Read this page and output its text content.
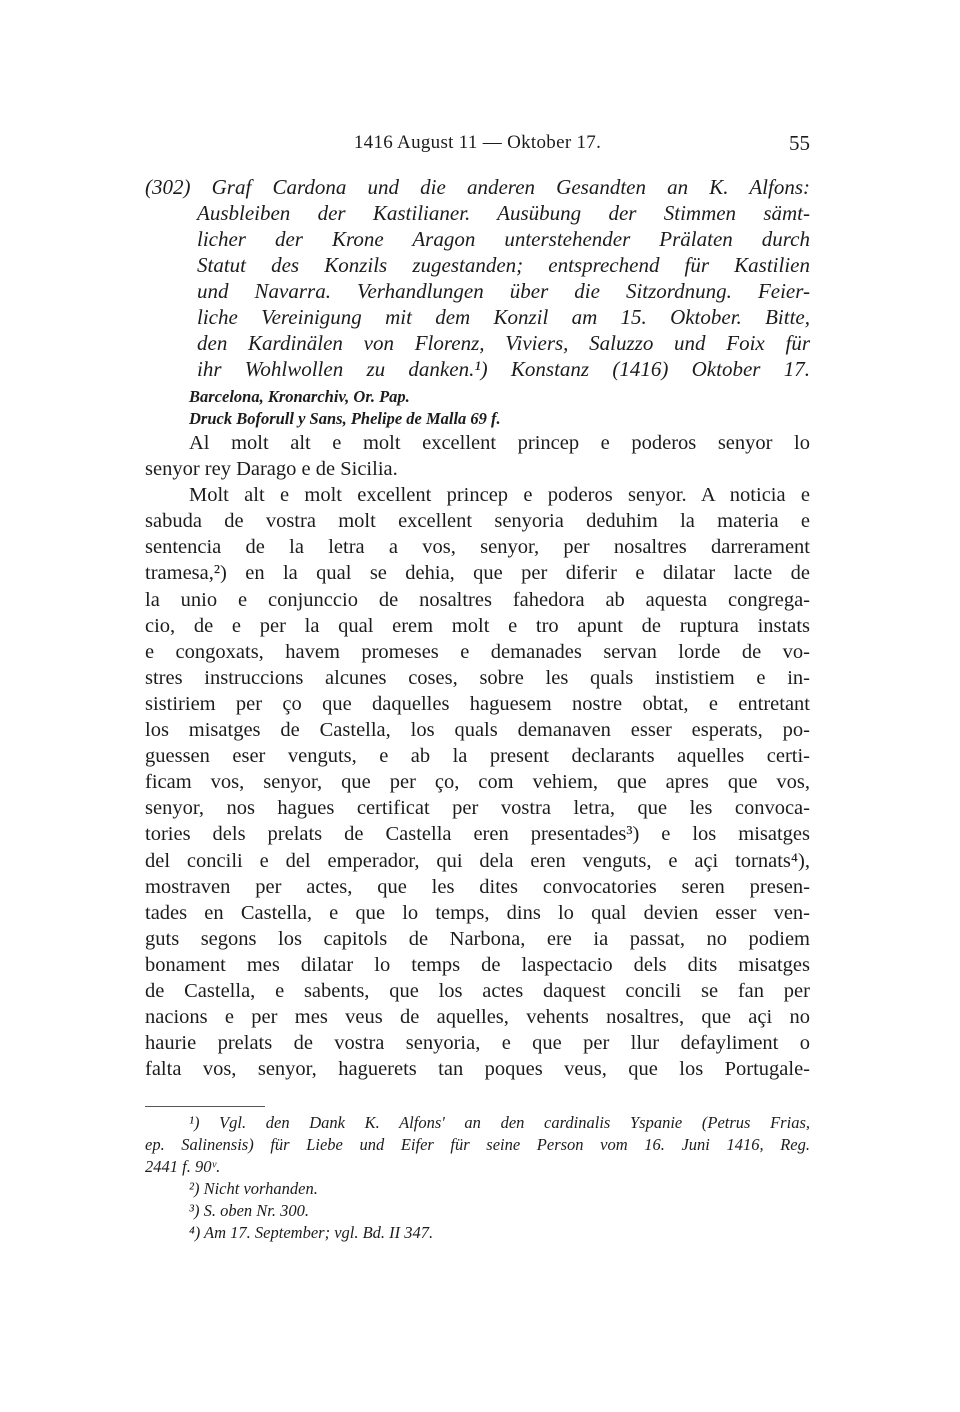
1416 August 11 — Oktober 17.	55

(302) Graf Cardona und die anderen Gesandten an K. Alfons:
Ausbleiben der Kastilianer. Ausübung der Stimmen sämt-
licher der Krone Aragon unterstehender Prälaten durch
Statut des Konzils zugestanden; entsprechend für Kastilien
und Navarra. Verhandlungen über die Sitzordnung. Feier-
liche Vereinigung mit dem Konzil am 15. Oktober. Bitte,
den Kardinälen von Florenz, Viviers, Saluzzo und Foix für
ihr Wohlwollen zu danken.¹) Konstanz (1416) Oktober 17.

Barcelona, Kronarchiv, Or. Pap.
Druck Boforull y Sans, Phelipe de Malla 69 f.
Al molt alt e molt excellent princep e poderos senyor lo
senyor rey Darago e de Sicilia.
Molt alt e molt excellent princep e poderos senyor. A noticia e
sabuda de vostra molt excellent senyoria deduhim la materia e
sentencia de la letra a vos, senyor, per nosaltres darrerament
tramesa,²) en la qual se dehia, que per diferir e dilatar lacte de
la unio e conjunccio de nosaltres fahedora ab aquesta congrega-
cio, de e per la qual erem molt e tro apunt de ruptura instats
e congoxats, havem promeses e demanades servan lorde de vo-
stres instruccions alcunes coses, sobre les quals instistiem e in-
sistiriem per ço que daquelles haguesem nostre obtat, e entretant
los misatges de Castella, los quals demanaven esser esperats, po-
guessen eser venguts, e ab la present declarants aquelles certi-
ficam vos, senyor, que per ço, com vehiem, que apres que vos,
senyor, nos hagues certificat per vostra letra, que les convoca-
tories dels prelats de Castella eren presentades³) e los misatges
del concili e del emperador, qui dela eren venguts, e açi tornats⁴),
mostraven per actes, que les dites convocatories seren presen-
tades en Castella, e que lo temps, dins lo qual devien esser ven-
guts segons los capitols de Narbona, ere ia passat, no podiem
bonament mes dilatar lo temps de laspectacio dels dits misatges
de Castella, e sabents, que los actes daquest concili se fan per
nacions e per mes veus de aquelles, vehents nosaltres, que açi no
haurie prelats de vostra senyoria, e que per llur defayliment o
falta vos, senyor, haguerets tan poques veus, que los Portugale-
¹) Vgl. den Dank K. Alfons' an den cardinalis Yspanie (Petrus Frias,
ep. Salinensis) für Liebe und Eifer für seine Person vom 16. Juni 1416, Reg.
2441 f. 90ᵛ.
²) Nicht vorhanden.
³) S. oben Nr. 300.
⁴) Am 17. September; vgl. Bd. II 347.
